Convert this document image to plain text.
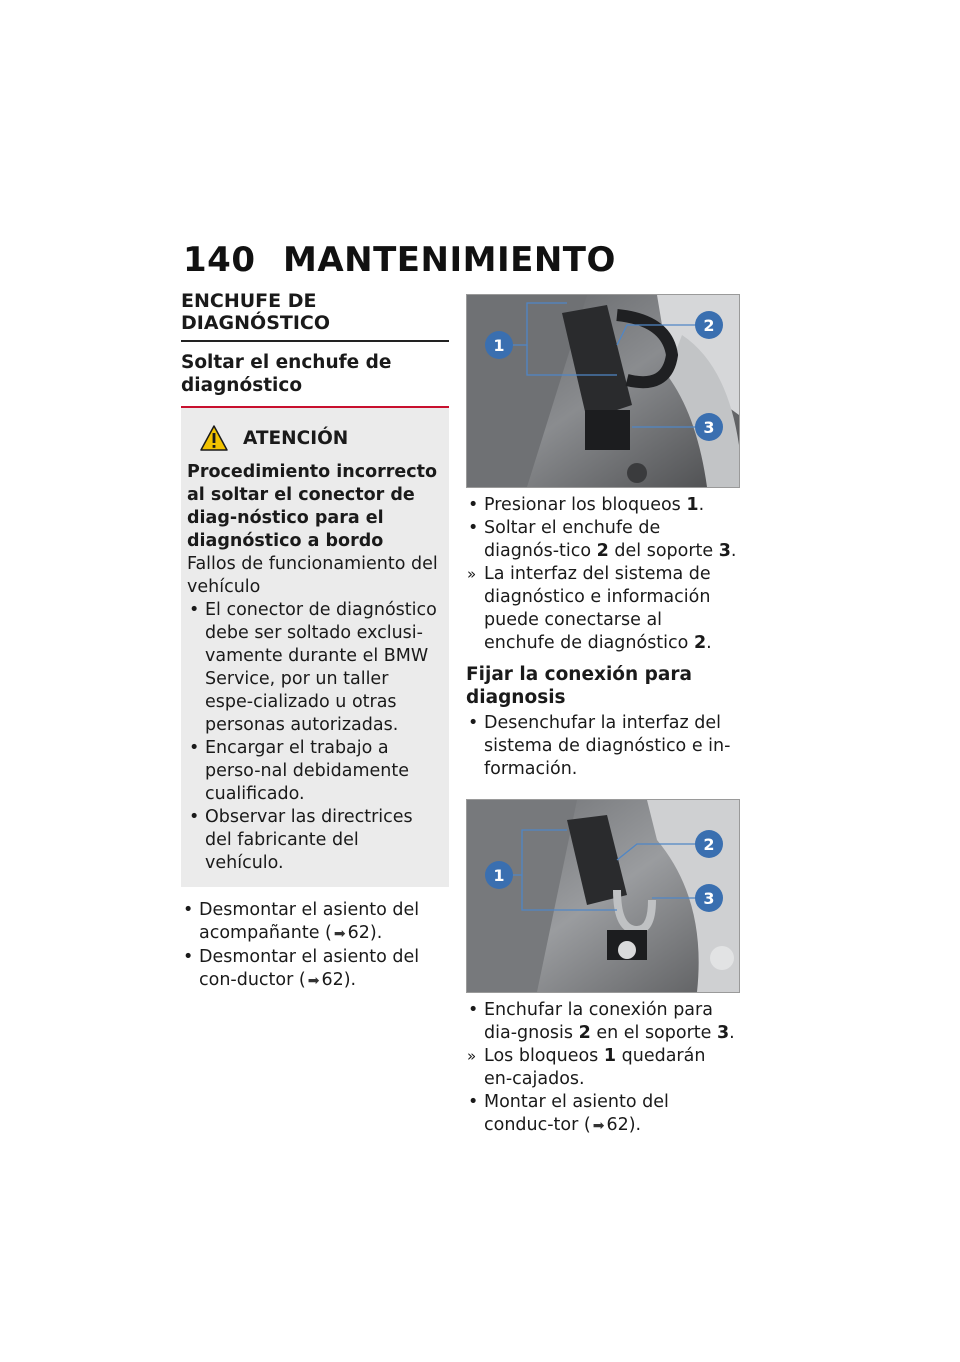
140 MANTENIMIENTO
ENCHUFE DE DIAGNÓSTICO
Soltar el enchufe de diagnóstico
ATENCIÓN
Procedimiento incorrecto al soltar el conector de diag-nóstico para el diagnóstico a bordo
Fallos de funcionamiento del vehículo
• El conector de diagnóstico debe ser soltado exclusi-vamente durante el BMW Service, por un taller espe-cializado u otras personas autorizadas.
• Encargar el trabajo a perso-nal debidamente cualificado.
• Observar las directrices del fabricante del vehículo.
• Desmontar el asiento del acompañante ( ➡ 62).
• Desmontar el asiento del con-ductor ( ➡ 62).
1
2
3
• Presionar los bloqueos 1.
• Soltar el enchufe de diagnós-tico 2 del soporte 3.
» La interfaz del sistema de diagnóstico e información puede conectarse al enchufe de diagnóstico 2.
Fijar la conexión para diagnosis
• Desenchufar la interfaz del sistema de diagnóstico e in-formación.
1
2
3
• Enchufar la conexión para dia-gnosis 2 en el soporte 3.
» Los bloqueos 1 quedarán en-cajados.
• Montar el asiento del conduc-tor ( ➡ 62).
